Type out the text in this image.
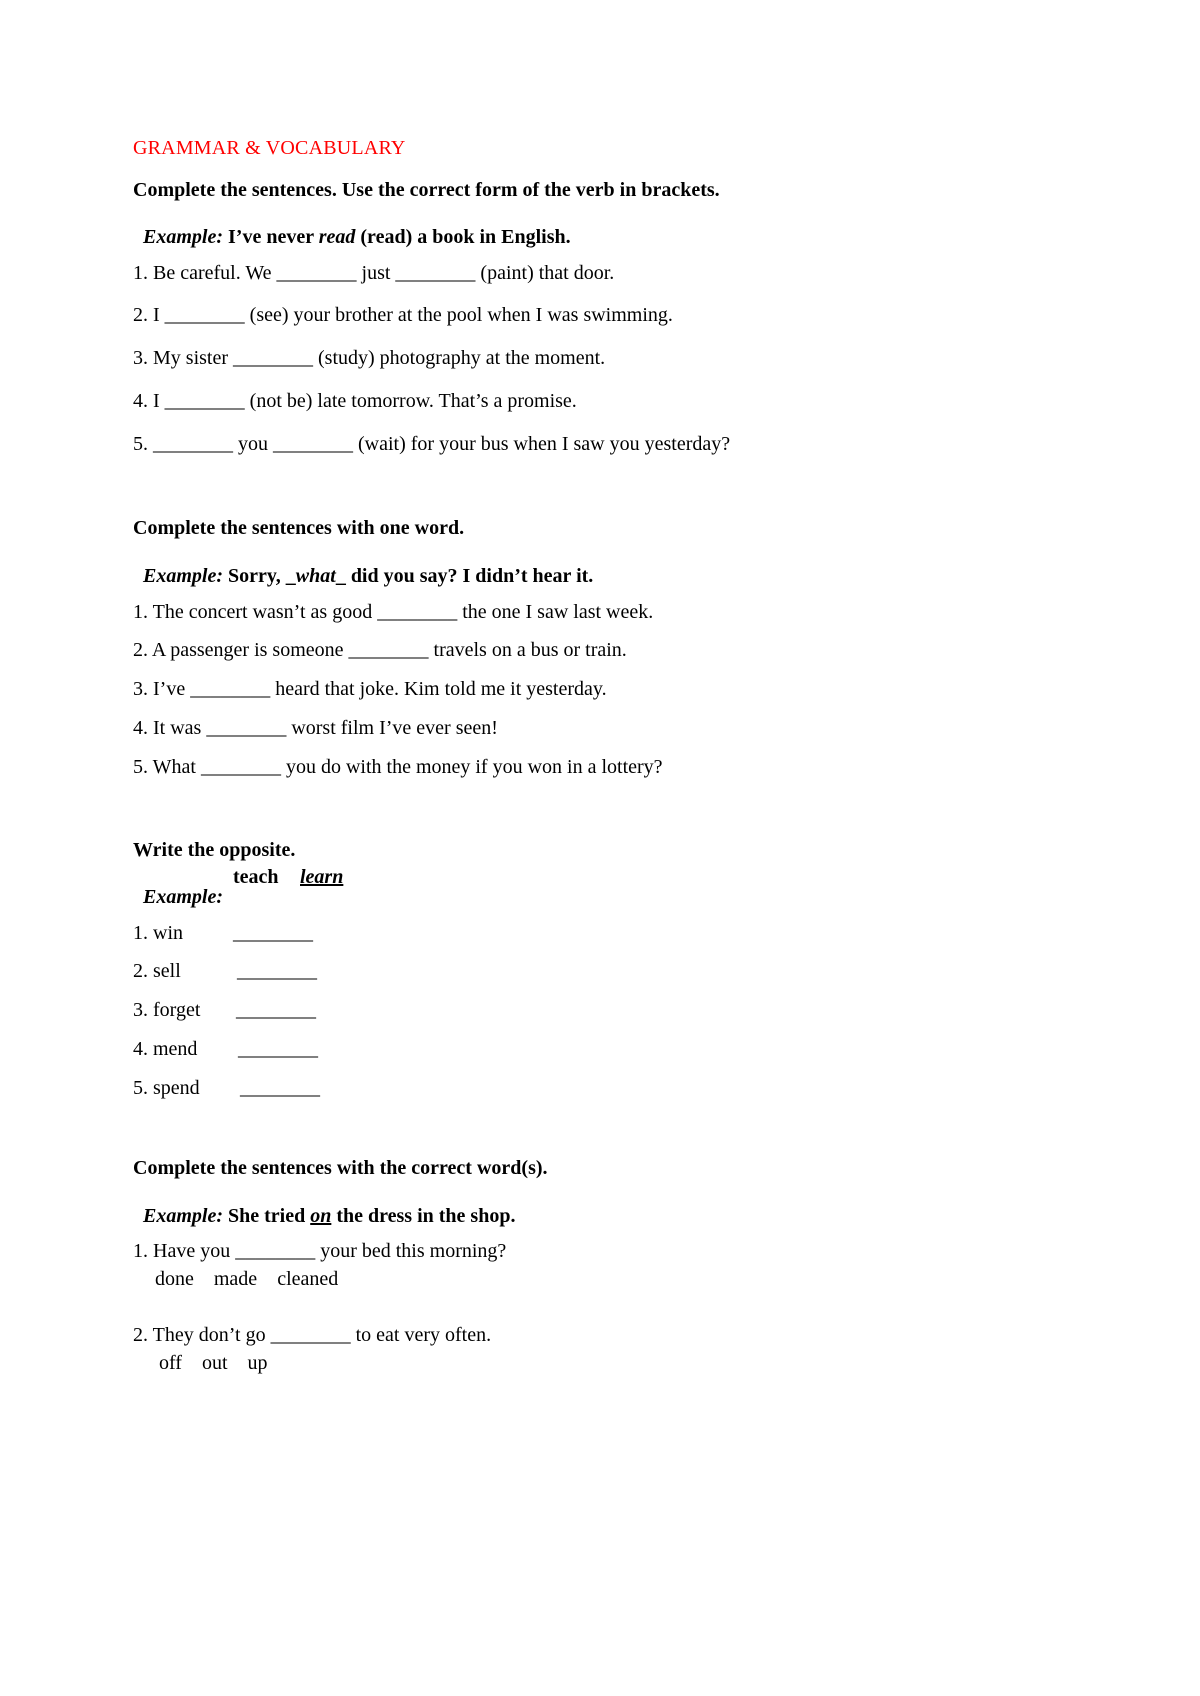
GRAMMAR & VOCABULARY
Complete the sentences. Use the correct form of the verb in brackets.

Example: I’ve never read (read) a book in English.

1. Be careful. We ________ just ________ (paint) that door.
2. I ________ (see) your brother at the pool when I was swimming.
3. My sister ________ (study) photography at the moment.
4. I ________ (not be) late tomorrow. That’s a promise.
5. ________ you ________ (wait) for your bus when I saw you yesterday?
Complete the sentences with one word.

Example: Sorry, _what_ did you say? I didn’t hear it.

1. The concert wasn’t as good ________ the one I saw last week.
2. A passenger is someone ________ travels on a bus or train.
3. I’ve ________ heard that joke. Kim told me it yesterday.
4. It was ________ worst film I’ve ever seen!
5. What ________ you do with the money if you won in a lottery?
Write the opposite.

Example:

teach learn
1. win	________
2. sell	________
3. forget ________
4. mend ________
5. spend ________
Complete the sentences with the correct word(s).

Example: She tried on the dress in the shop.

1. Have you ________ your bed this morning?
done    made    cleaned
2. They don’t go ________ to eat very often.
off    out    up
